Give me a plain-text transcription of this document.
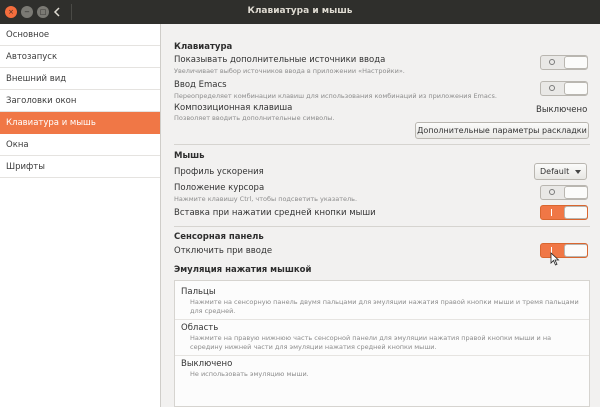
×	−	□	Клавиатура и мышь
Основное
Автозапуск
Внешний вид
Заголовки окон
Клавиатура и мышь
Окна
Шрифты
Клавиатура
Показывать дополнительные источники ввода
Увеличивает выбор источников ввода в приложении «Настройки».
Ввод Emacs
Переопределяет комбинации клавиш для использования комбинаций из приложения Emacs.
Композиционная клавиша
Позволяет вводить дополнительные символы.
Выключено
Дополнительные параметры раскладки
Мышь
Профиль ускорения	Default
Положение курсора
Нажмите клавишу Ctrl, чтобы подсветить указатель.
Вставка при нажатии средней кнопки мыши
Сенсорная панель
Отключить при вводе
Эмуляция нажатия мышкой
Пальцы
Нажмите на сенсорную панель двумя пальцами для эмуляции нажатия правой кнопки мыши и тремя пальцами для средней.
Область
Нажмите на правую нижнюю часть сенсорной панели для эмуляции нажатия правой кнопки мыши и на середину нижней части для эмуляции нажатия средней кнопки мыши.
Выключено
Не использовать эмуляцию мыши.
